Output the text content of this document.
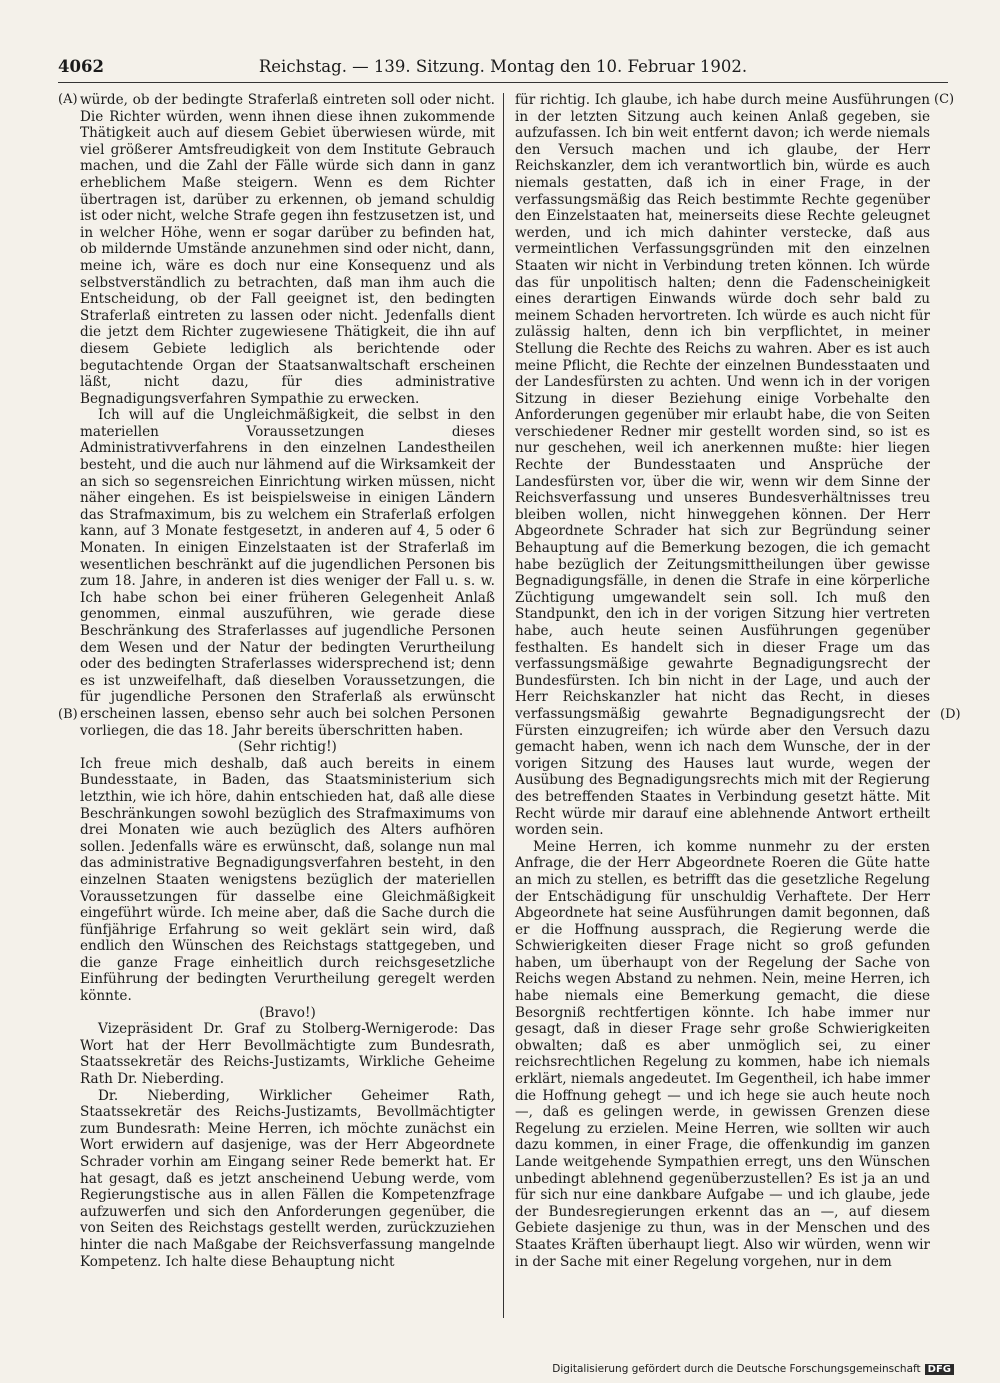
4062	Reichstag. — 139. Sitzung. Montag den 10. Februar 1902.
(A)
(B)
(C)
(D)

würde, ob der bedingte Straferlaß eintreten soll oder nicht. Die Richter würden, wenn ihnen diese ihnen zukommende Thätigkeit auch auf diesem Gebiet überwiesen würde, mit viel größerer Amtsfreudigkeit von dem Institute Gebrauch machen, und die Zahl der Fälle würde sich dann in ganz erheblichem Maße steigern. Wenn es dem Richter übertragen ist, darüber zu erkennen, ob jemand schuldig ist oder nicht, welche Strafe gegen ihn festzusetzen ist, und in welcher Höhe, wenn er sogar darüber zu befinden hat, ob mildernde Umstände anzunehmen sind oder nicht, dann, meine ich, wäre es doch nur eine Konsequenz und als selbstverständlich zu betrachten, daß man ihm auch die Entscheidung, ob der Fall geeignet ist, den bedingten Straferlaß eintreten zu lassen oder nicht. Jedenfalls dient die jetzt dem Richter zugewiesene Thätigkeit, die ihn auf diesem Gebiete lediglich als berichtende oder begutachtende Organ der Staatsanwaltschaft erscheinen läßt, nicht dazu, für dies administrative Begnadigungsverfahren Sympathie zu erwecken.

Ich will auf die Ungleichmäßigkeit, die selbst in den materiellen Voraussetzungen dieses Administrativverfahrens in den einzelnen Landestheilen besteht, und die auch nur lähmend auf die Wirksamkeit der an sich so segensreichen Einrichtung wirken müssen, nicht näher eingehen. Es ist beispielsweise in einigen Ländern das Strafmaximum, bis zu welchem ein Straferlaß erfolgen kann, auf 3 Monate festgesetzt, in anderen auf 4, 5 oder 6 Monaten. In einigen Einzelstaaten ist der Straferlaß im wesentlichen beschränkt auf die jugendlichen Personen bis zum 18. Jahre, in anderen ist dies weniger der Fall u. s. w. Ich habe schon bei einer früheren Gelegenheit Anlaß genommen, einmal auszuführen, wie gerade diese Beschränkung des Straferlasses auf jugendliche Personen dem Wesen und der Natur der bedingten Verurtheilung oder des bedingten Straferlasses widersprechend ist; denn es ist unzweifelhaft, daß dieselben Voraussetzungen, die für jugendliche Personen den Straferlaß als erwünscht erscheinen lassen, ebenso sehr auch bei solchen Personen vorliegen, die das 18. Jahr bereits überschritten haben.

(Sehr richtig!)

Ich freue mich deshalb, daß auch bereits in einem Bundesstaate, in Baden, das Staatsministerium sich letzthin, wie ich höre, dahin entschieden hat, daß alle diese Beschränkungen sowohl bezüglich des Strafmaximums von drei Monaten wie auch bezüglich des Alters aufhören sollen. Jedenfalls wäre es erwünscht, daß, solange nun mal das administrative Begnadigungsverfahren besteht, in den einzelnen Staaten wenigstens bezüglich der materiellen Voraussetzungen für dasselbe eine Gleichmäßigkeit eingeführt würde. Ich meine aber, daß die Sache durch die fünfjährige Erfahrung so weit geklärt sein wird, daß endlich den Wünschen des Reichstags stattgegeben, und die ganze Frage einheitlich durch reichsgesetzliche Einführung der bedingten Verurtheilung geregelt werden könnte.

(Bravo!)

Vizepräsident Dr. Graf zu Stolberg-Wernigerode: Das Wort hat der Herr Bevollmächtigte zum Bundesrath, Staatssekretär des Reichs-Justizamts, Wirkliche Geheime Rath Dr. Nieberding.

Dr. Nieberding, Wirklicher Geheimer Rath, Staatssekretär des Reichs-Justizamts, Bevollmächtigter zum Bundesrath: Meine Herren, ich möchte zunächst ein Wort erwidern auf dasjenige, was der Herr Abgeordnete Schrader vorhin am Eingang seiner Rede bemerkt hat. Er hat gesagt, daß es jetzt anscheinend Uebung werde, vom Regierungstische aus in allen Fällen die Kompetenzfrage aufzuwerfen und sich den Anforderungen gegenüber, die von Seiten des Reichstags gestellt werden, zurückzuziehen hinter die nach Maßgabe der Reichsverfassung mangelnde Kompetenz. Ich halte diese Behauptung nicht

für richtig. Ich glaube, ich habe durch meine Ausführungen in der letzten Sitzung auch keinen Anlaß gegeben, sie aufzufassen. Ich bin weit entfernt davon; ich werde niemals den Versuch machen und ich glaube, der Herr Reichskanzler, dem ich verantwortlich bin, würde es auch niemals gestatten, daß ich in einer Frage, in der verfassungsmäßig das Reich bestimmte Rechte gegenüber den Einzelstaaten hat, meinerseits diese Rechte geleugnet werden, und ich mich dahinter verstecke, daß aus vermeintlichen Verfassungsgründen mit den einzelnen Staaten wir nicht in Verbindung treten können. Ich würde das für unpolitisch halten; denn die Fadenscheinigkeit eines derartigen Einwands würde doch sehr bald zu meinem Schaden hervortreten. Ich würde es auch nicht für zulässig halten, denn ich bin verpflichtet, in meiner Stellung die Rechte des Reichs zu wahren. Aber es ist auch meine Pflicht, die Rechte der einzelnen Bundesstaaten und der Landesfürsten zu achten. Und wenn ich in der vorigen Sitzung in dieser Beziehung einige Vorbehalte den Anforderungen gegenüber mir erlaubt habe, die von Seiten verschiedener Redner mir gestellt worden sind, so ist es nur geschehen, weil ich anerkennen mußte: hier liegen Rechte der Bundesstaaten und Ansprüche der Landesfürsten vor, über die wir, wenn wir dem Sinne der Reichsverfassung und unseres Bundesverhältnisses treu bleiben wollen, nicht hinweggehen können. Der Herr Abgeordnete Schrader hat sich zur Begründung seiner Behauptung auf die Bemerkung bezogen, die ich gemacht habe bezüglich der Zeitungsmittheilungen über gewisse Begnadigungsfälle, in denen die Strafe in eine körperliche Züchtigung umgewandelt sein soll. Ich muß den Standpunkt, den ich in der vorigen Sitzung hier vertreten habe, auch heute seinen Ausführungen gegenüber festhalten. Es handelt sich in dieser Frage um das verfassungsmäßige gewahrte Begnadigungsrecht der Bundesfürsten. Ich bin nicht in der Lage, und auch der Herr Reichskanzler hat nicht das Recht, in dieses verfassungsmäßig gewahrte Begnadigungsrecht der Fürsten einzugreifen; ich würde aber den Versuch dazu gemacht haben, wenn ich nach dem Wunsche, der in der vorigen Sitzung des Hauses laut wurde, wegen der Ausübung des Begnadigungsrechts mich mit der Regierung des betreffenden Staates in Verbindung gesetzt hätte. Mit Recht würde mir darauf eine ablehnende Antwort ertheilt worden sein.

Meine Herren, ich komme nunmehr zu der ersten Anfrage, die der Herr Abgeordnete Roeren die Güte hatte an mich zu stellen, es betrifft das die gesetzliche Regelung der Entschädigung für unschuldig Verhaftete. Der Herr Abgeordnete hat seine Ausführungen damit begonnen, daß er die Hoffnung aussprach, die Regierung werde die Schwierigkeiten dieser Frage nicht so groß gefunden haben, um überhaupt von der Regelung der Sache von Reichs wegen Abstand zu nehmen. Nein, meine Herren, ich habe niemals eine Bemerkung gemacht, die diese Besorgniß rechtfertigen könnte. Ich habe immer nur gesagt, daß in dieser Frage sehr große Schwierigkeiten obwalten; daß es aber unmöglich sei, zu einer reichsrechtlichen Regelung zu kommen, habe ich niemals erklärt, niemals angedeutet. Im Gegentheil, ich habe immer die Hoffnung gehegt — und ich hege sie auch heute noch —, daß es gelingen werde, in gewissen Grenzen diese Regelung zu erzielen. Meine Herren, wie sollten wir auch dazu kommen, in einer Frage, die offenkundig im ganzen Lande weitgehende Sympathien erregt, uns den Wünschen unbedingt ablehnend gegenüberzustellen? Es ist ja an und für sich nur eine dankbare Aufgabe — und ich glaube, jede der Bundesregierungen erkennt das an —, auf diesem Gebiete dasjenige zu thun, was in der Menschen und des Staates Kräften überhaupt liegt. Also wir würden, wenn wir in der Sache mit einer Regelung vorgehen, nur in dem

Digitalisierung gefördert durch die Deutsche Forschungsgemeinschaft DFG
